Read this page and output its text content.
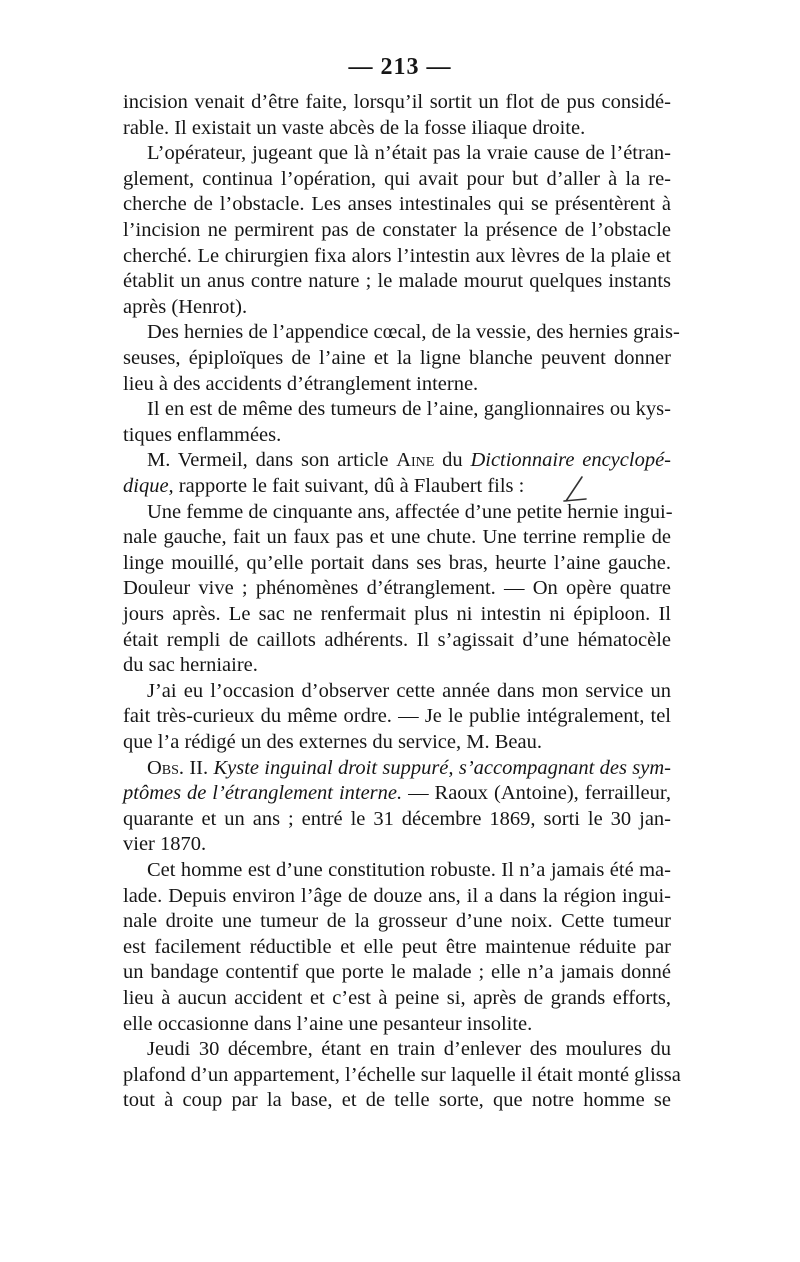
— 213 —
incision venait d’être faite, lorsqu’il sortit un flot de pus considé-
rable. Il existait un vaste abcès de la fosse iliaque droite.
L’opérateur, jugeant que là n’était pas la vraie cause de l’étran-
glement, continua l’opération, qui avait pour but d’aller à la re-
cherche de l’obstacle. Les anses intestinales qui se présentèrent à
l’incision ne permirent pas de constater la présence de l’obstacle
cherché. Le chirurgien fixa alors l’intestin aux lèvres de la plaie et
établit un anus contre nature ; le malade mourut quelques instants
après (Henrot).
Des hernies de l’appendice cœcal, de la vessie, des hernies grais-
seuses, épiploïques de l’aine et la ligne blanche peuvent donner
lieu à des accidents d’étranglement interne.
Il en est de même des tumeurs de l’aine, ganglionnaires ou kys-
tiques enflammées.
M. Vermeil, dans son article Aine du Dictionnaire encyclopé-
dique, rapporte le fait suivant, dû à Flaubert fils :
Une femme de cinquante ans, affectée d’une petite hernie ingui-
nale gauche, fait un faux pas et une chute. Une terrine remplie de
linge mouillé, qu’elle portait dans ses bras, heurte l’aine gauche.
Douleur vive ; phénomènes d’étranglement. — On opère quatre
jours après. Le sac ne renfermait plus ni intestin ni épiploon. Il
était rempli de caillots adhérents. Il s’agissait d’une hématocèle
du sac herniaire.
J’ai eu l’occasion d’observer cette année dans mon service un
fait très-curieux du même ordre. — Je le publie intégralement, tel
que l’a rédigé un des externes du service, M. Beau.
Obs. II. Kyste inguinal droit suppuré, s’accompagnant des sym-
ptômes de l’étranglement interne. — Raoux (Antoine), ferrailleur,
quarante et un ans ; entré le 31 décembre 1869, sorti le 30 jan-
vier 1870.
Cet homme est d’une constitution robuste. Il n’a jamais été ma-
lade. Depuis environ l’âge de douze ans, il a dans la région ingui-
nale droite une tumeur de la grosseur d’une noix. Cette tumeur
est facilement réductible et elle peut être maintenue réduite par
un bandage contentif que porte le malade ; elle n’a jamais donné
lieu à aucun accident et c’est à peine si, après de grands efforts,
elle occasionne dans l’aine une pesanteur insolite.
Jeudi 30 décembre, étant en train d’enlever des moulures du
plafond d’un appartement, l’échelle sur laquelle il était monté glissa
tout à coup par la base, et de telle sorte, que notre homme se
